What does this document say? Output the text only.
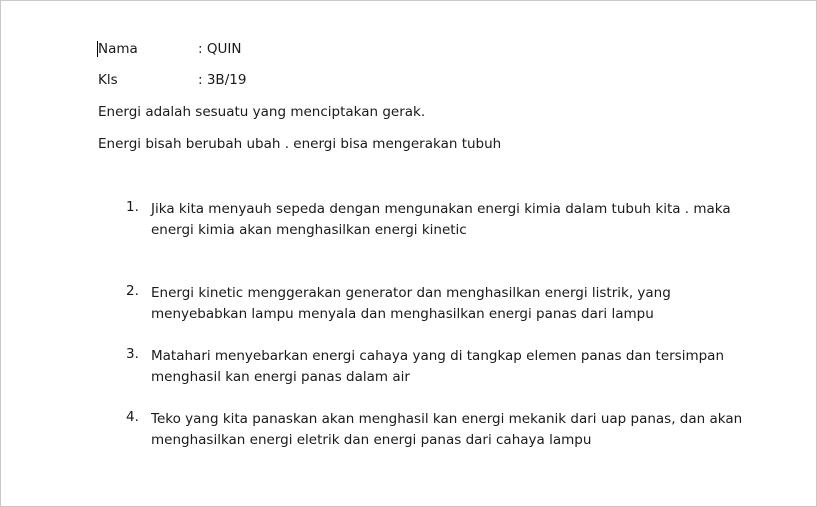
Nama	: QUIN
Kls	: 3B/19
Energi adalah sesuatu yang menciptakan gerak.
Energi bisah berubah ubah . energi bisa mengerakan tubuh
1. Jika kita menyauh sepeda dengan mengunakan energi kimia dalam tubuh kita . maka
energi kimia akan menghasilkan energi kinetic
2. Energi kinetic menggerakan generator dan menghasilkan energi listrik, yang
menyebabkan lampu menyala dan menghasilkan energi panas dari lampu
3. Matahari menyebarkan energi cahaya yang di tangkap elemen panas dan tersimpan
menghasil kan energi panas dalam air
4. Teko yang kita panaskan akan menghasil kan energi mekanik dari uap panas, dan akan
menghasilkan energi eletrik dan energi panas dari cahaya lampu
